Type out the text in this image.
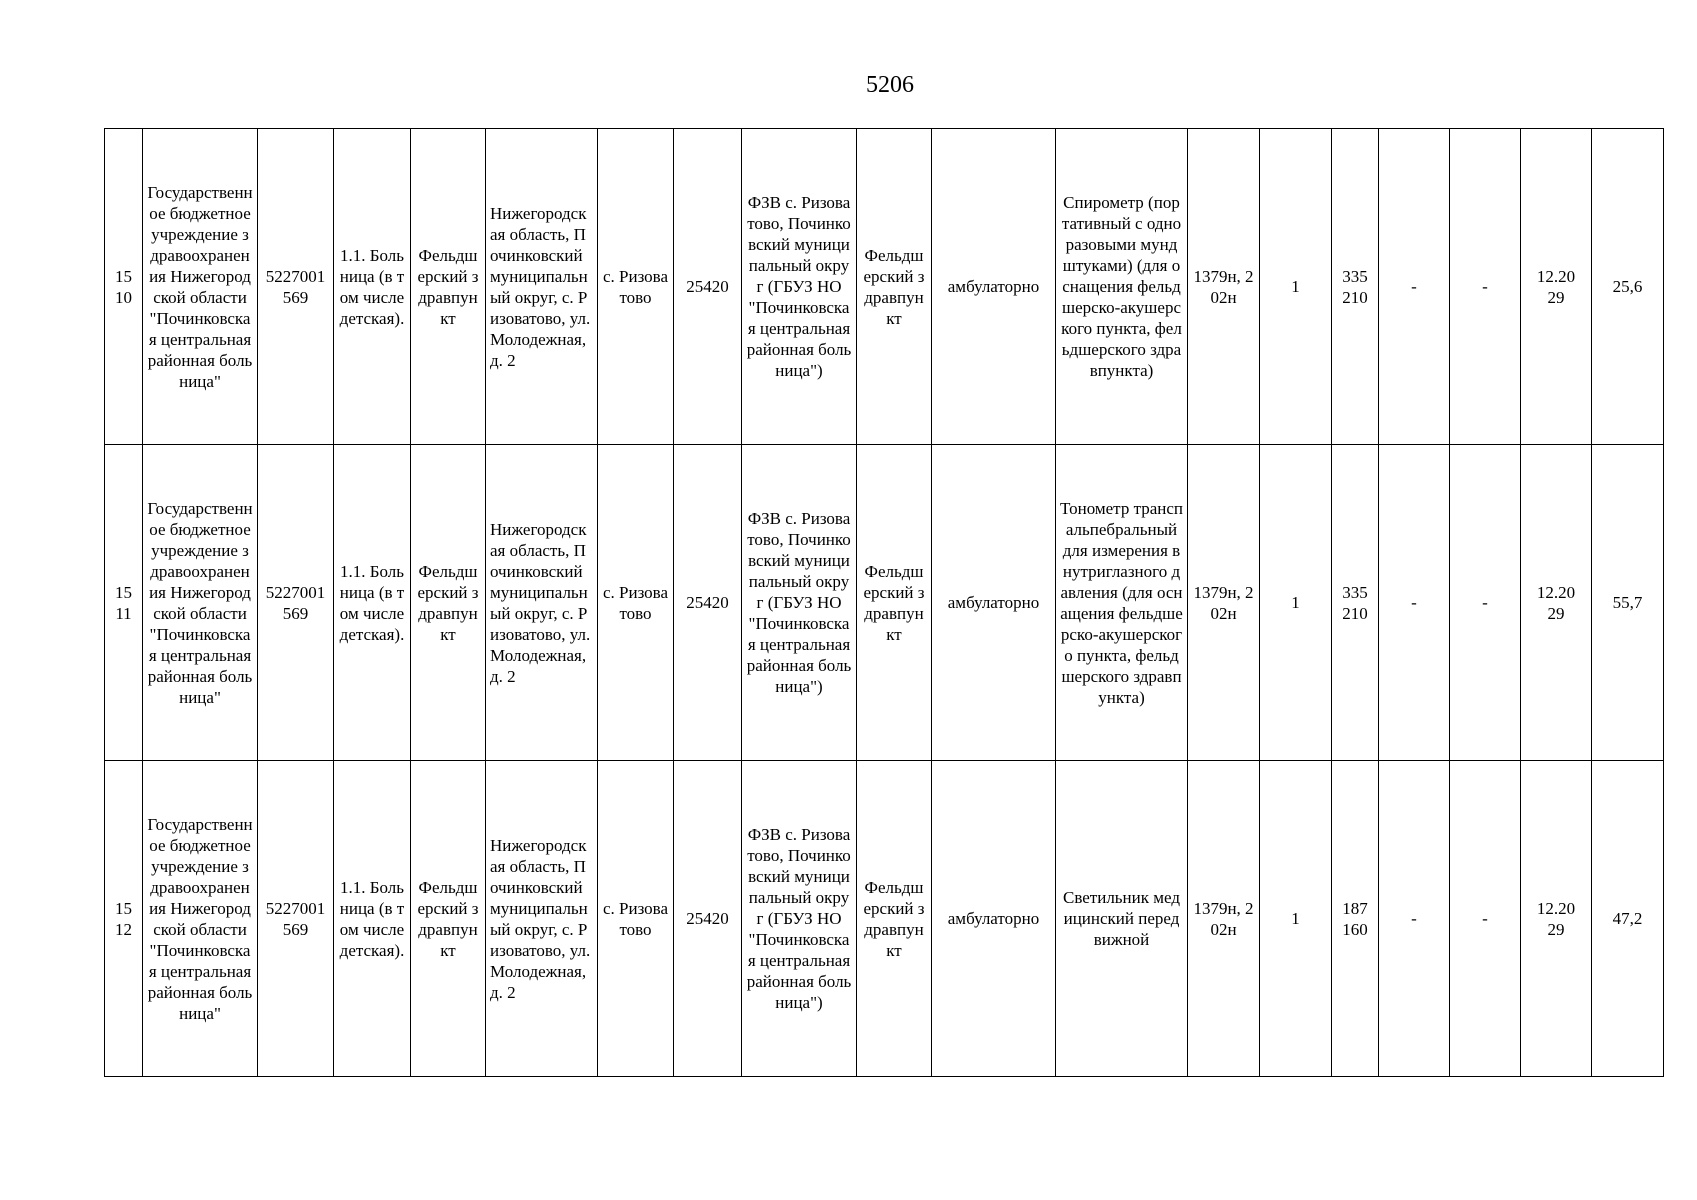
5206
1510	Государственное бюджетное учреждение здравоохранения Нижегородской области "Починковская центральная районная больница"	5227001569	1.1. Больница (в том числе детская).	Фельдшерский здравпункт	Нижегородская область, Починковский муниципальный округ, с. Ризоватово, ул.Молодежная, д. 2	с. Ризоватово	25420	ФЗВ с. Ризоватово, Починковский муниципальный округ (ГБУЗ НО "Починковская центральная районная больница")	Фельдшерский здравпункт	амбулаторно	Спирометр (портативный с одноразовыми мундштуками) (для оснащения фельдшерско-акушерского пункта, фельдшерского здравпункта)	1379н, 202н	1	335210	-	-	12.2029	25,6
1511	Государственное бюджетное учреждение здравоохранения Нижегородской области "Починковская центральная районная больница"	5227001569	1.1. Больница (в том числе детская).	Фельдшерский здравпункт	Нижегородская область, Починковский муниципальный округ, с. Ризоватово, ул.Молодежная, д. 2	с. Ризоватово	25420	ФЗВ с. Ризоватово, Починковский муниципальный округ (ГБУЗ НО "Починковская центральная районная больница")	Фельдшерский здравпункт	амбулаторно	Тонометр транспальпебральный для измерения внутриглазного давления (для оснащения фельдшерско-акушерского пункта, фельдшерского здравпункта)	1379н, 202н	1	335210	-	-	12.2029	55,7
1512	Государственное бюджетное учреждение здравоохранения Нижегородской области "Починковская центральная районная больница"	5227001569	1.1. Больница (в том числе детская).	Фельдшерский здравпункт	Нижегородская область, Починковский муниципальный округ, с. Ризоватово, ул.Молодежная, д. 2	с. Ризоватово	25420	ФЗВ с. Ризоватово, Починковский муниципальный округ (ГБУЗ НО "Починковская центральная районная больница")	Фельдшерский здравпункт	амбулаторно	Светильник медицинский передвижной	1379н, 202н	1	187160	-	-	12.2029	47,2
